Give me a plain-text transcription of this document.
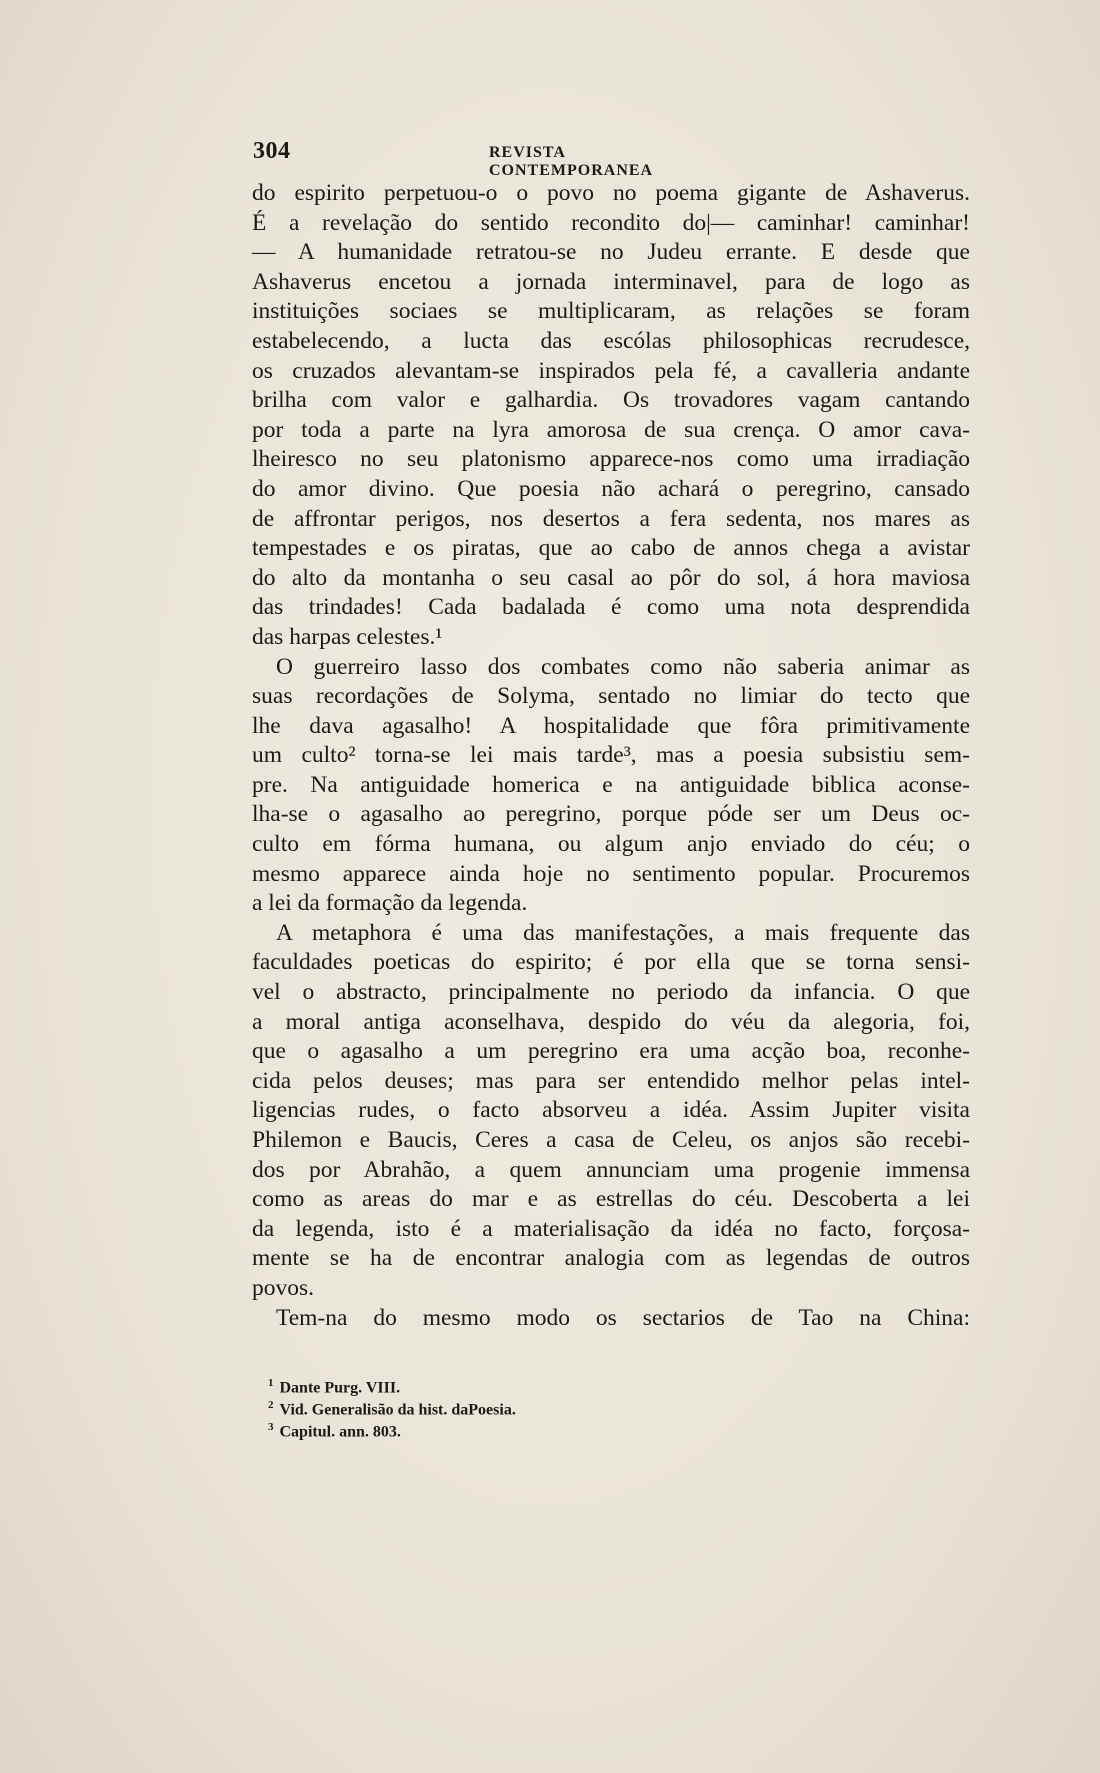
304	REVISTA CONTEMPORANEA
do espirito perpetuou-o o povo no poema gigante de Ashaverus.
É a revelação do sentido recondito do|— caminhar! caminhar!
— A humanidade retratou-se no Judeu errante. E desde que
Ashaverus encetou a jornada interminavel, para de logo as
instituições sociaes se multiplicaram, as relações se foram
estabelecendo, a lucta das escólas philosophicas recrudesce,
os cruzados alevantam-se inspirados pela fé, a cavalleria andante
brilha com valor e galhardia. Os trovadores vagam cantando
por toda a parte na lyra amorosa de sua crença. O amor cava-
lheiresco no seu platonismo apparece-nos como uma irradiação
do amor divino. Que poesia não achará o peregrino, cansado
de affrontar perigos, nos desertos a fera sedenta, nos mares as
tempestades e os piratas, que ao cabo de annos chega a avistar
do alto da montanha o seu casal ao pôr do sol, á hora maviosa
das trindades! Cada badalada é como uma nota desprendida
das harpas celestes.¹
O guerreiro lasso dos combates como não saberia animar as
suas recordações de Solyma, sentado no limiar do tecto que
lhe dava agasalho! A hospitalidade que fôra primitivamente
um culto² torna-se lei mais tarde³, mas a poesia subsistiu sem-
pre. Na antiguidade homerica e na antiguidade biblica aconse-
lha-se o agasalho ao peregrino, porque póde ser um Deus oc-
culto em fórma humana, ou algum anjo enviado do céu; o
mesmo apparece ainda hoje no sentimento popular. Procuremos
a lei da formação da legenda.
A metaphora é uma das manifestações, a mais frequente das
faculdades poeticas do espirito; é por ella que se torna sensi-
vel o abstracto, principalmente no periodo da infancia. O que
a moral antiga aconselhava, despido do véu da alegoria, foi,
que o agasalho a um peregrino era uma acção boa, reconhe-
cida pelos deuses; mas para ser entendido melhor pelas intel-
ligencias rudes, o facto absorveu a idéa. Assim Jupiter visita
Philemon e Baucis, Ceres a casa de Celeu, os anjos são recebi-
dos por Abrahão, a quem annunciam uma progenie immensa
como as areas do mar e as estrellas do céu. Descoberta a lei
da legenda, isto é a materialisação da idéa no facto, forçosa-
mente se ha de encontrar analogia com as legendas de outros
povos.
Tem-na do mesmo modo os sectarios de Tao na China:
$^1$ Dante Purg. VIII.
$^2$ Vid. Generalisão da hist. daPoesia.
$^3$ Capitul. ann. 803.
